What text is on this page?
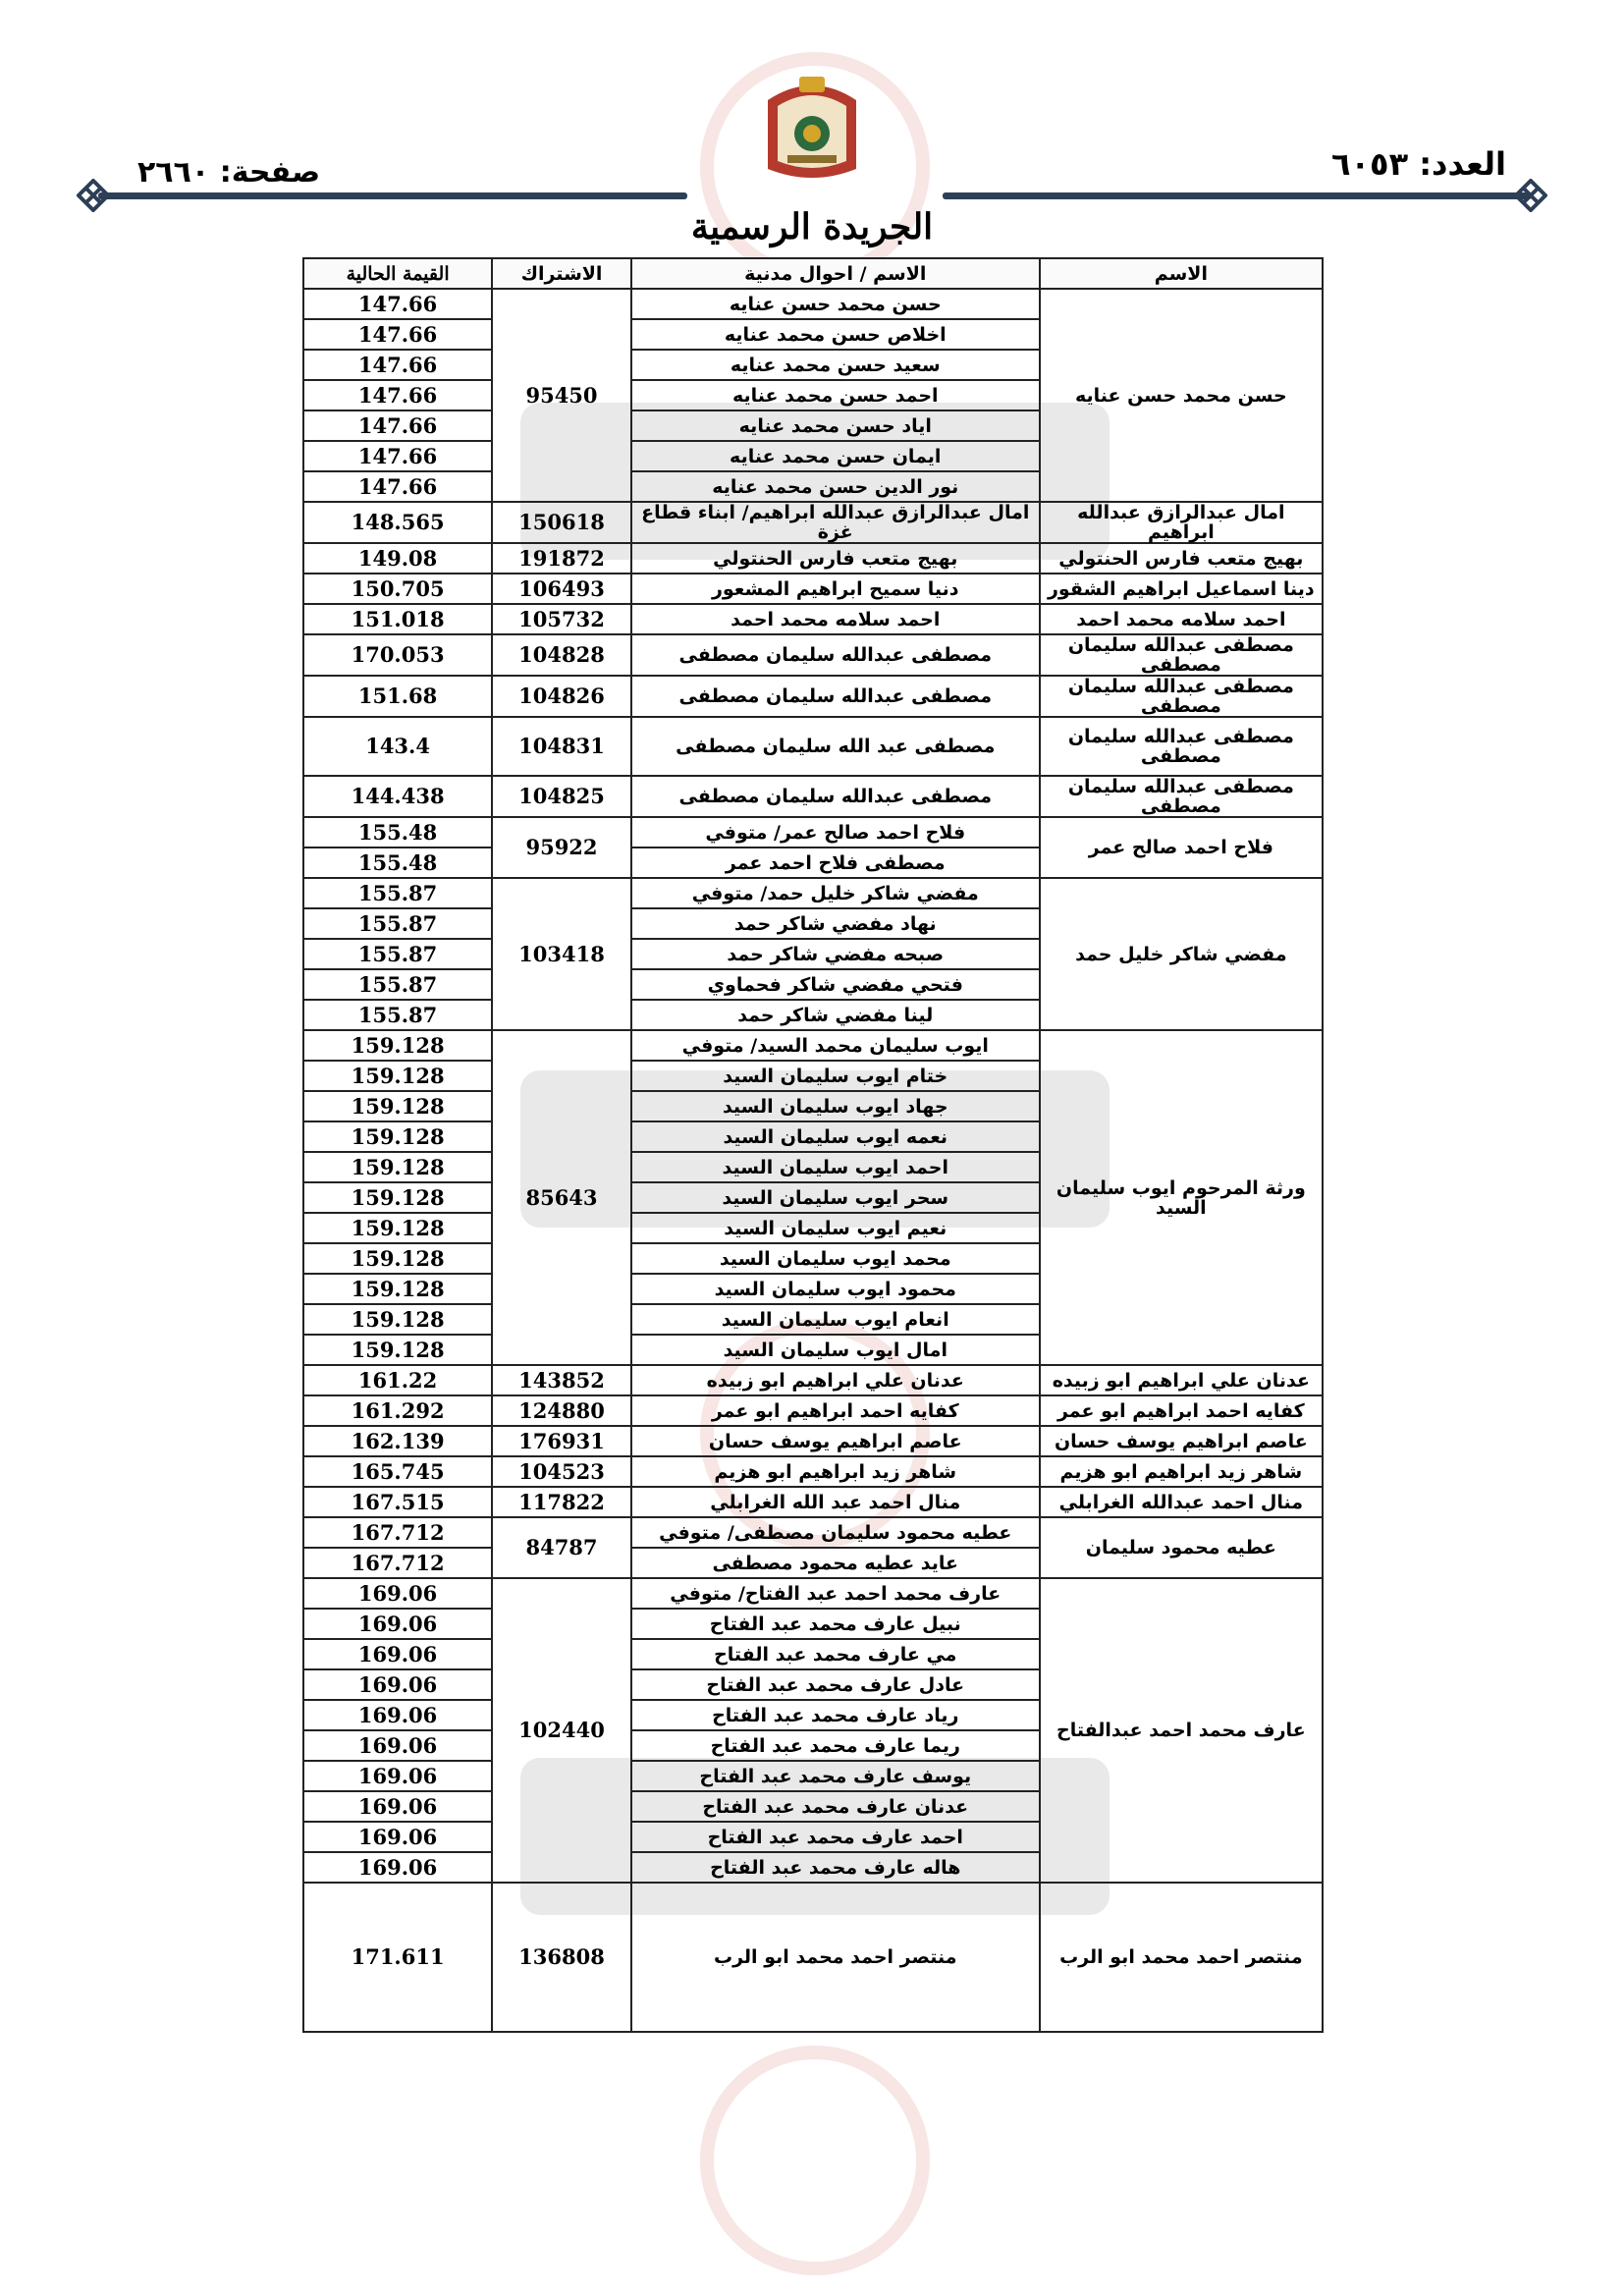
العدد: ٦٠٥٣
صفحة: ٢٦٦٠
الجريدة الرسمية
الاسم	الاسم / احوال مدنية	الاشتراك	القيمة الحالية
حسن محمد حسن عنايه	حسن محمد حسن عنايه	95450	147.66
	اخلاص حسن محمد عنايه		147.66
	سعيد حسن محمد عنايه		147.66
	احمد حسن محمد عنايه		147.66
	اياد حسن محمد عنايه		147.66
	ايمان حسن محمد عنايه		147.66
	نور الدين حسن محمد عنايه		147.66
امال عبدالرازق عبدالله ابراهيم	امال عبدالرازق عبدالله ابراهيم/ ابناء قطاع غزة	150618	148.565
بهيج متعب فارس الحنتولي	بهيج متعب فارس الحنتولي	191872	149.08
دينا اسماعيل ابراهيم الشقور	دنيا سميح ابراهيم المشعور	106493	150.705
احمد سلامه محمد احمد	احمد سلامه محمد احمد	105732	151.018
مصطفى عبدالله سليمان مصطفى	مصطفى عبدالله سليمان مصطفى	104828	170.053
مصطفى عبدالله سليمان مصطفى	مصطفى عبدالله سليمان مصطفى	104826	151.68
مصطفى عبدالله سليمان مصطفى	مصطفى عبد الله سليمان مصطفى	104831	143.4
مصطفى عبدالله سليمان مصطفى	مصطفى عبدالله سليمان مصطفى	104825	144.438
فلاح احمد صالح عمر	فلاح احمد صالح عمر/ متوفي	95922	155.48
	مصطفى فلاح احمد عمر		155.48
مفضي شاكر خليل حمد	مفضي شاكر خليل حمد/ متوفي	103418	155.87
	نهاد مفضي شاكر حمد		155.87
	صبحه مفضي شاكر حمد		155.87
	فتحي مفضي شاكر فحماوي		155.87
	لينا مفضي شاكر حمد		155.87
ورثة المرحوم ايوب سليمان السيد	ايوب سليمان محمد السيد/ متوفي	85643	159.128
	ختام ايوب سليمان السيد		159.128
	جهاد ايوب سليمان السيد		159.128
	نعمه ايوب سليمان السيد		159.128
	احمد ايوب سليمان السيد		159.128
	سحر ايوب سليمان السيد		159.128
	نعيم ايوب سليمان السيد		159.128
	محمد ايوب سليمان السيد		159.128
	محمود ايوب سليمان السيد		159.128
	انعام ايوب سليمان السيد		159.128
	امال ايوب سليمان السيد		159.128
عدنان علي ابراهيم ابو زبيده	عدنان علي ابراهيم ابو زبيده	143852	161.22
كفايه احمد ابراهيم ابو عمر	كفايه احمد ابراهيم ابو عمر	124880	161.292
عاصم ابراهيم يوسف حسان	عاصم ابراهيم يوسف حسان	176931	162.139
شاهر زيد ابراهيم ابو هزيم	شاهر زيد ابراهيم ابو هزيم	104523	165.745
منال احمد عبدالله الغرابلي	منال احمد عبد الله الغرابلي	117822	167.515
عطيه محمود سليمان	عطيه محمود سليمان مصطفى/ متوفي	84787	167.712
	عايد عطيه محمود مصطفى		167.712
عارف محمد احمد عبدالفتاح	عارف محمد احمد عبد الفتاح/ متوفي	102440	169.06
	نبيل عارف محمد عبد الفتاح		169.06
	مي عارف محمد عبد الفتاح		169.06
	عادل عارف محمد عبد الفتاح		169.06
	رياد عارف محمد عبد الفتاح		169.06
	ريما عارف محمد عبد الفتاح		169.06
	يوسف عارف محمد عبد الفتاح		169.06
	عدنان عارف محمد عبد الفتاح		169.06
	احمد عارف محمد عبد الفتاح		169.06
	هاله عارف محمد عبد الفتاح		169.06
منتصر احمد محمد ابو الرب	منتصر احمد محمد ابو الرب	136808	171.611
